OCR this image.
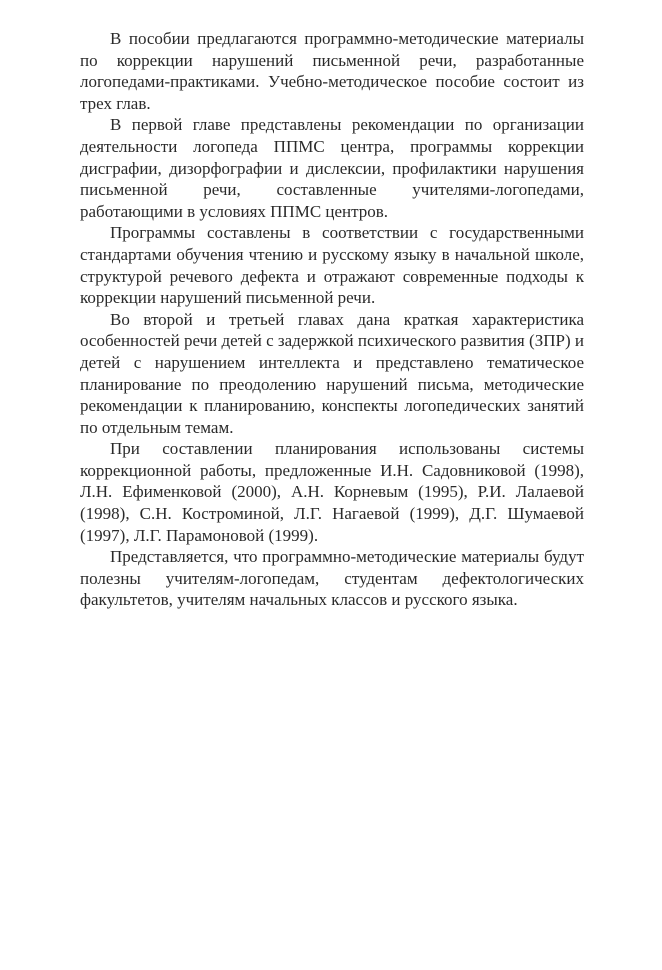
В пособии предлагаются программно-методические материалы по коррекции нарушений письменной речи, разработанные логопедами-практиками. Учебно-методическое пособие состоит из трех глав.

В первой главе представлены рекомендации по организации деятельности логопеда ППМС центра, программы коррекции дисграфии, дизорфографии и дислексии, профилактики нарушения письменной речи, составленные учителями-логопедами, работающими в условиях ППМС центров.

Программы составлены в соответствии с государственными стандартами обучения чтению и русскому языку в начальной школе, структурой речевого дефекта и отражают современные подходы к коррекции нарушений письменной речи.

Во второй и третьей главах дана краткая характеристика особенностей речи детей с задержкой психического развития (ЗПР) и детей с нарушением интеллекта и представлено тематическое планирование по преодолению нарушений письма, методические рекомендации к планированию, конспекты логопедических занятий по отдельным темам.

При составлении планирования использованы системы коррекционной работы, предложенные И.Н. Садовниковой (1998), Л.Н. Ефименковой (2000), А.Н. Корневым (1995), Р.И. Лалаевой (1998), С.Н. Костроминой, Л.Г. Нагаевой (1999), Д.Г. Шумаевой (1997), Л.Г. Парамоновой (1999).

Представляется, что программно-методические материалы будут полезны учителям-логопедам, студентам дефектологических факультетов, учителям начальных классов и русского языка.
